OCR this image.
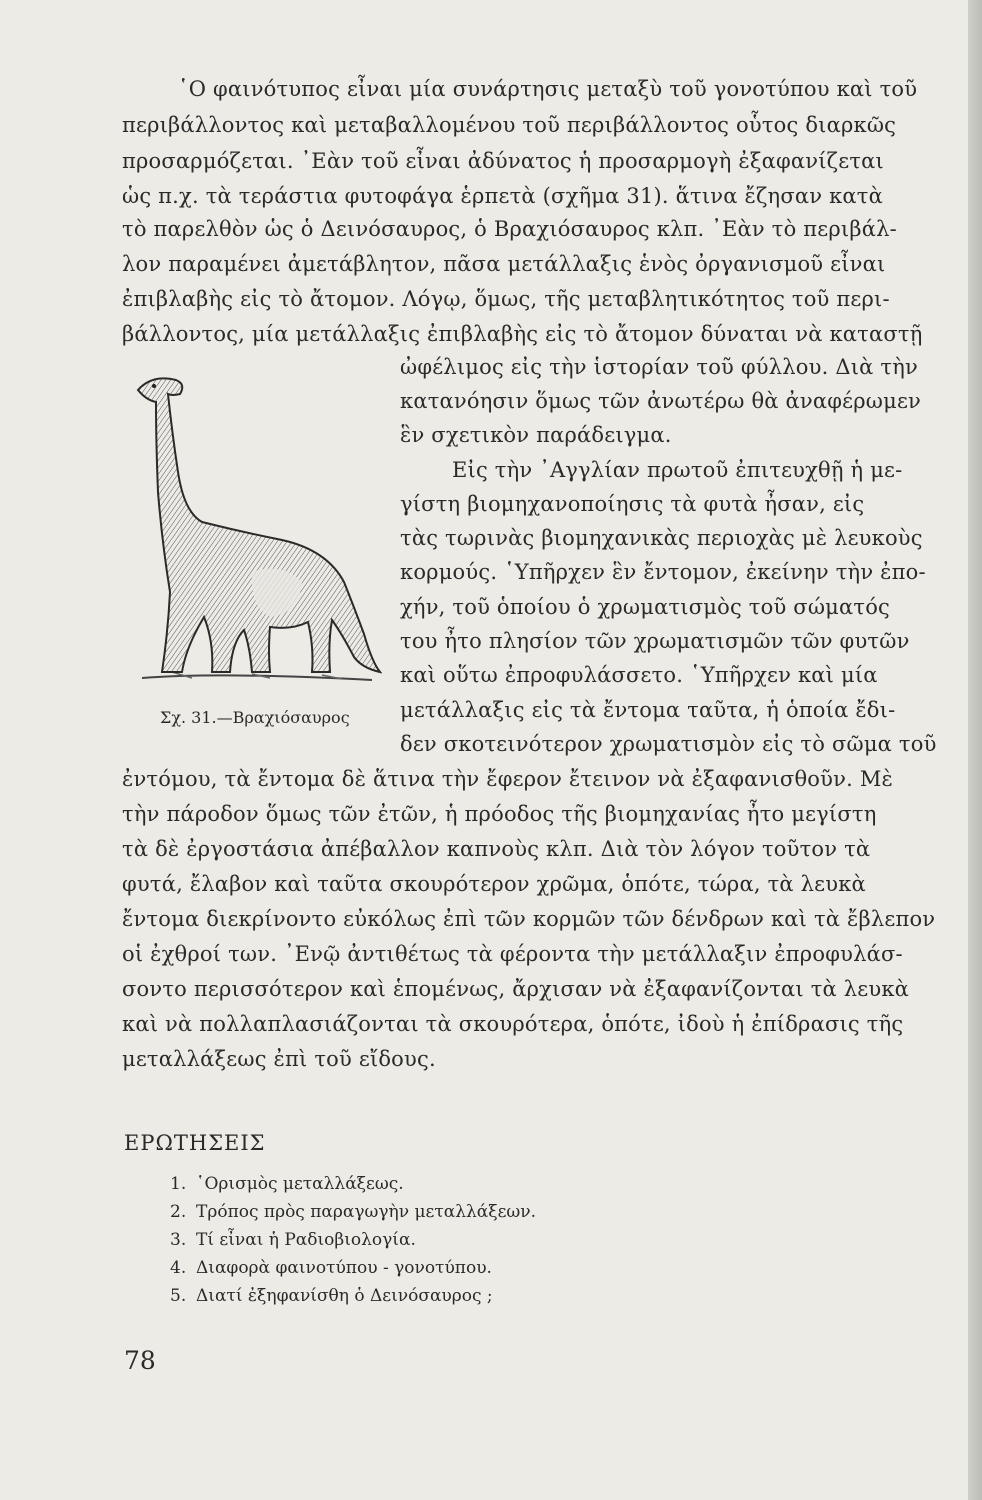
῾Ο φαινότυπος εἶναι μία συνάρτησις μεταξὺ τοῦ γονοτύπου καὶ τοῦ
περιβάλλοντος καὶ μεταβαλλομένου τοῦ περιβάλλοντος οὗτος διαρκῶς
προσαρμόζεται. ᾿Εὰν τοῦ εἶναι ἀδύνατος ἡ προσαρμογὴ ἐξαφανίζεται
ὡς π.χ. τὰ τεράστια φυτοφάγα ἑρπετὰ (σχῆμα 31). ἅτινα ἔζησαν κατὰ
τὸ παρελθὸν ὡς ὁ Δεινόσαυρος, ὁ Βραχιόσαυρος κλπ. ᾿Εὰν τὸ περιβάλ-
λον παραμένει ἀμετάβλητον, πᾶσα μετάλλαξις ἑνὸς ὀργανισμοῦ εἶναι
ἐπιβλαβὴς εἰς τὸ ἄτομον. Λόγῳ, ὅμως, τῆς μεταβλητικότητος τοῦ περι-
βάλλοντος, μία μετάλλαξις ἐπιβλαβὴς εἰς τὸ ἄτομον δύναται νὰ καταστῇ
ὠφέλιμος εἰς τὴν ἱστορίαν τοῦ φύλλου. Διὰ τὴν
κατανόησιν ὅμως τῶν ἀνωτέρω θὰ ἀναφέρωμεν
ἓν σχετικὸν παράδειγμα.
Εἰς τὴν ᾿Αγγλίαν πρωτοῦ ἐπιτευχθῇ ἡ με-
γίστη βιομηχανοποίησις τὰ φυτὰ ἦσαν, εἰς
τὰς τωρινὰς βιομηχανικὰς περιοχὰς μὲ λευκοὺς
κορμούς. ῾Υπῆρχεν ἓν ἔντομον, ἐκείνην τὴν ἐπο-
χήν, τοῦ ὁποίου ὁ χρωματισμὸς τοῦ σώματός
του ἦτο πλησίον τῶν χρωματισμῶν τῶν φυτῶν
καὶ οὕτω ἐπροφυλάσσετο. ῾Υπῆρχεν καὶ μία
μετάλλαξις εἰς τὰ ἔντομα ταῦτα, ἡ ὁποία ἔδι-
δεν σκοτεινότερον χρωματισμὸν εἰς τὸ σῶμα τοῦ
ἐντόμου, τὰ ἔντομα δὲ ἅτινα τὴν ἔφερον ἔτεινον νὰ ἐξαφανισθοῦν. Μὲ
τὴν πάροδον ὅμως τῶν ἐτῶν, ἡ πρόοδος τῆς βιομηχανίας ἦτο μεγίστη
τὰ δὲ ἐργοστάσια ἀπέβαλλον καπνοὺς κλπ. Διὰ τὸν λόγον τοῦτον τὰ
φυτά, ἔλαβον καὶ ταῦτα σκουρότερον χρῶμα, ὁπότε, τώρα, τὰ λευκὰ
ἔντομα διεκρίνοντο εὐκόλως ἐπὶ τῶν κορμῶν τῶν δένδρων καὶ τὰ ἔβλεπον
οἱ ἐχθροί των. ᾿Ενῷ ἀντιθέτως τὰ φέροντα τὴν μετάλλαξιν ἐπροφυλάσ-
σοντο περισσότερον καὶ ἑπομένως, ἄρχισαν νὰ ἐξαφανίζονται τὰ λευκὰ
καὶ νὰ πολλαπλασιάζονται τὰ σκουρότερα, ὁπότε, ἰδοὺ ἡ ἐπίδρασις τῆς
μεταλλάξεως ἐπὶ τοῦ εἴδους.
Σχ. 31.—Βραχιόσαυρος
ΕΡΩΤΗΣΕΙΣ
1. ῾Ορισμὸς μεταλλάξεως.
2. Τρόπος πρὸς παραγωγὴν μεταλλάξεων.
3. Τί εἶναι ἡ Ραδιοβιολογία.
4. Διαφορὰ φαινοτύπου - γονοτύπου.
5. Διατί ἐξηφανίσθη ὁ Δεινόσαυρος ;
78
